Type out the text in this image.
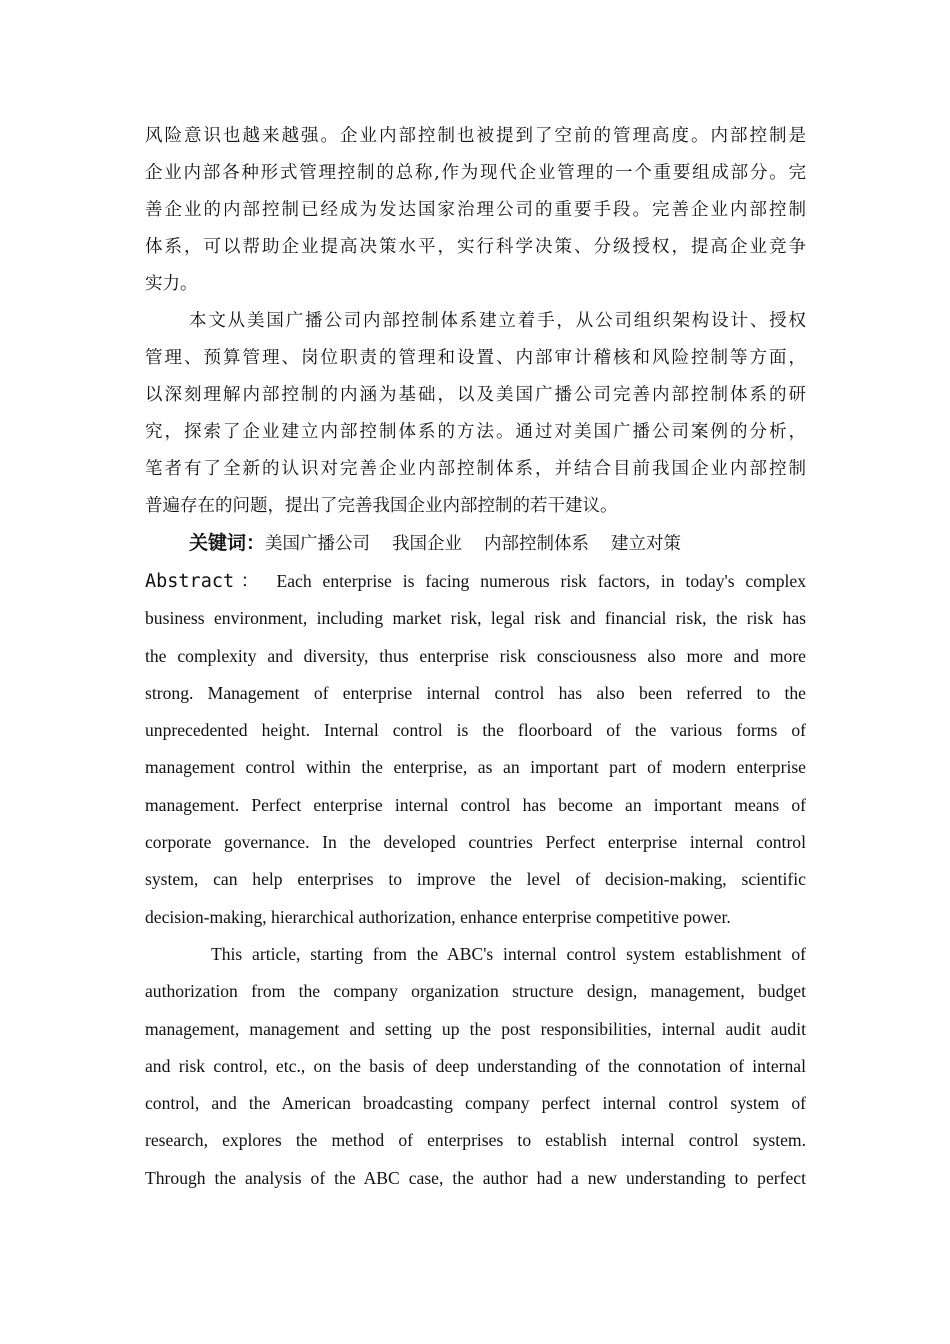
风险意识也越来越强。企业内部控制也被提到了空前的管理高度。内部控制是
企业内部各种形式管理控制的总称,作为现代企业管理的一个重要组成部分。完
善企业的内部控制已经成为发达国家治理公司的重要手段。完善企业内部控制
体系，可以帮助企业提高决策水平，实行科学决策、分级授权，提高企业竞争
实力。

本文从美国广播公司内部控制体系建立着手，从公司组织架构设计、授权
管理、预算管理、岗位职责的管理和设置、内部审计稽核和风险控制等方面，
以深刻理解内部控制的内涵为基础，以及美国广播公司完善内部控制体系的研
究，探索了企业建立内部控制体系的方法。通过对美国广播公司案例的分析，
笔者有了全新的认识对完善企业内部控制体系，并结合目前我国企业内部控制
普遍存在的问题，提出了完善我国企业内部控制的若干建议。

关键词：美国广播公司 我国企业 内部控制体系 建立对策

Abstract： Each enterprise is facing numerous risk factors, in today's complex
business environment, including market risk, legal risk and financial risk, the risk has
the complexity and diversity, thus enterprise risk consciousness also more and more
strong. Management of enterprise internal control has also been referred to the
unprecedented height. Internal control is the floorboard of the various forms of
management control within the enterprise, as an important part of modern enterprise
management. Perfect enterprise internal control has become an important means of
corporate governance. In the developed countries Perfect enterprise internal control
system, can help enterprises to improve the level of decision-making, scientific
decision-making, hierarchical authorization, enhance enterprise competitive power.

This article, starting from the ABC's internal control system establishment of
authorization from the company organization structure design, management, budget
management, management and setting up the post responsibilities, internal audit audit
and risk control, etc., on the basis of deep understanding of the connotation of internal
control, and the American broadcasting company perfect internal control system of
research, explores the method of enterprises to establish internal control system.
Through the analysis of the ABC case, the author had a new understanding to perfect
